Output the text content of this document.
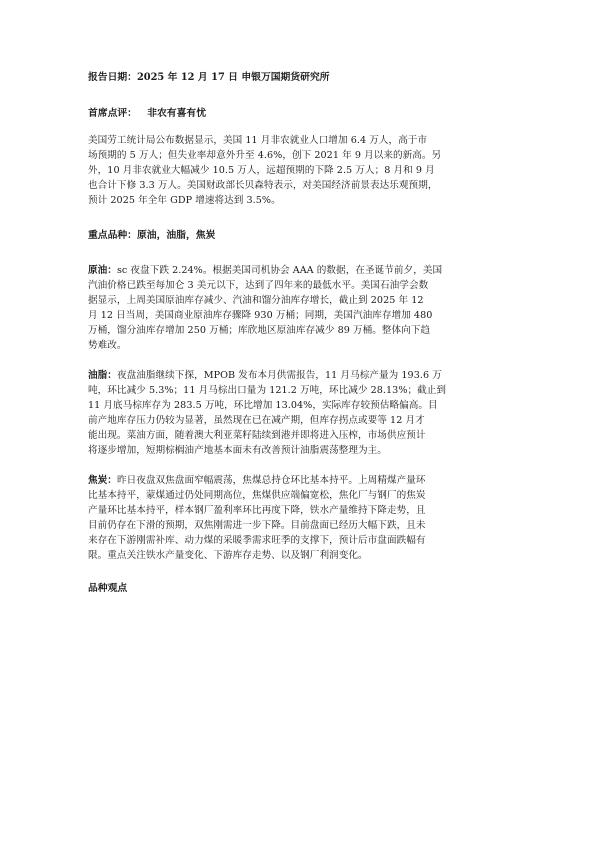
报告日期：2025 年 12 月 17 日 申银万国期货研究所
首席点评： 非农有喜有忧
美国劳工统计局公布数据显示，美国 11 月非农就业人口增加 6.4 万人，高于市
场预期的 5 万人；但失业率却意外升至 4.6%，创下 2021 年 9 月以来的新高。另
外，10 月非农就业大幅减少 10.5 万人，远超预期的下降 2.5 万人；8 月和 9 月
也合计下修 3.3 万人。美国财政部长贝森特表示，对美国经济前景表达乐观预期，
预计 2025 年全年 GDP 增速将达到 3.5%。
重点品种：原油，油脂，焦炭
原油：sc 夜盘下跌 2.24%。根据美国司机协会 AAA 的数据，在圣诞节前夕，美国
汽油价格已跌至每加仑 3 美元以下，达到了四年来的最低水平。美国石油学会数
据显示，上周美国原油库存减少、汽油和馏分油库存增长，截止到 2025 年 12
月 12 日当周，美国商业原油库存骤降 930 万桶；同期，美国汽油库存增加 480
万桶，馏分油库存增加 250 万桶；库欣地区原油库存减少 89 万桶。整体向下趋
势难改。
油脂：夜盘油脂继续下探，MPOB 发布本月供需报告，11 月马棕产量为 193.6 万
吨，环比减少 5.3%；11 月马棕出口量为 121.2 万吨，环比减少 28.13%；截止到
11 月底马棕库存为 283.5 万吨，环比增加 13.04%，实际库存较预估略偏高。目
前产地库存压力仍较为显著，虽然现在已在减产期，但库存拐点或要等 12 月才
能出现。菜油方面，随着澳大利亚菜籽陆续到港并即将进入压榨，市场供应预计
将逐步增加，短期棕榈油产地基本面未有改善预计油脂震荡整理为主。
焦炭：昨日夜盘双焦盘面窄幅震荡，焦煤总持仓环比基本持平。上周精煤产量环
比基本持平，蒙煤通过仍处同期高位，焦煤供应端偏宽松，焦化厂与钢厂的焦炭
产量环比基本持平，样本钢厂盈利率环比再度下降，铁水产量维持下降走势，且
目前仍存在下滑的预期，双焦刚需进一步下降。目前盘面已经历大幅下跌，且未
来存在下游刚需补库、动力煤的采暖季需求旺季的支撑下，预计后市盘面跌幅有
限。重点关注铁水产量变化、下游库存走势、以及钢厂利润变化。
品种观点
